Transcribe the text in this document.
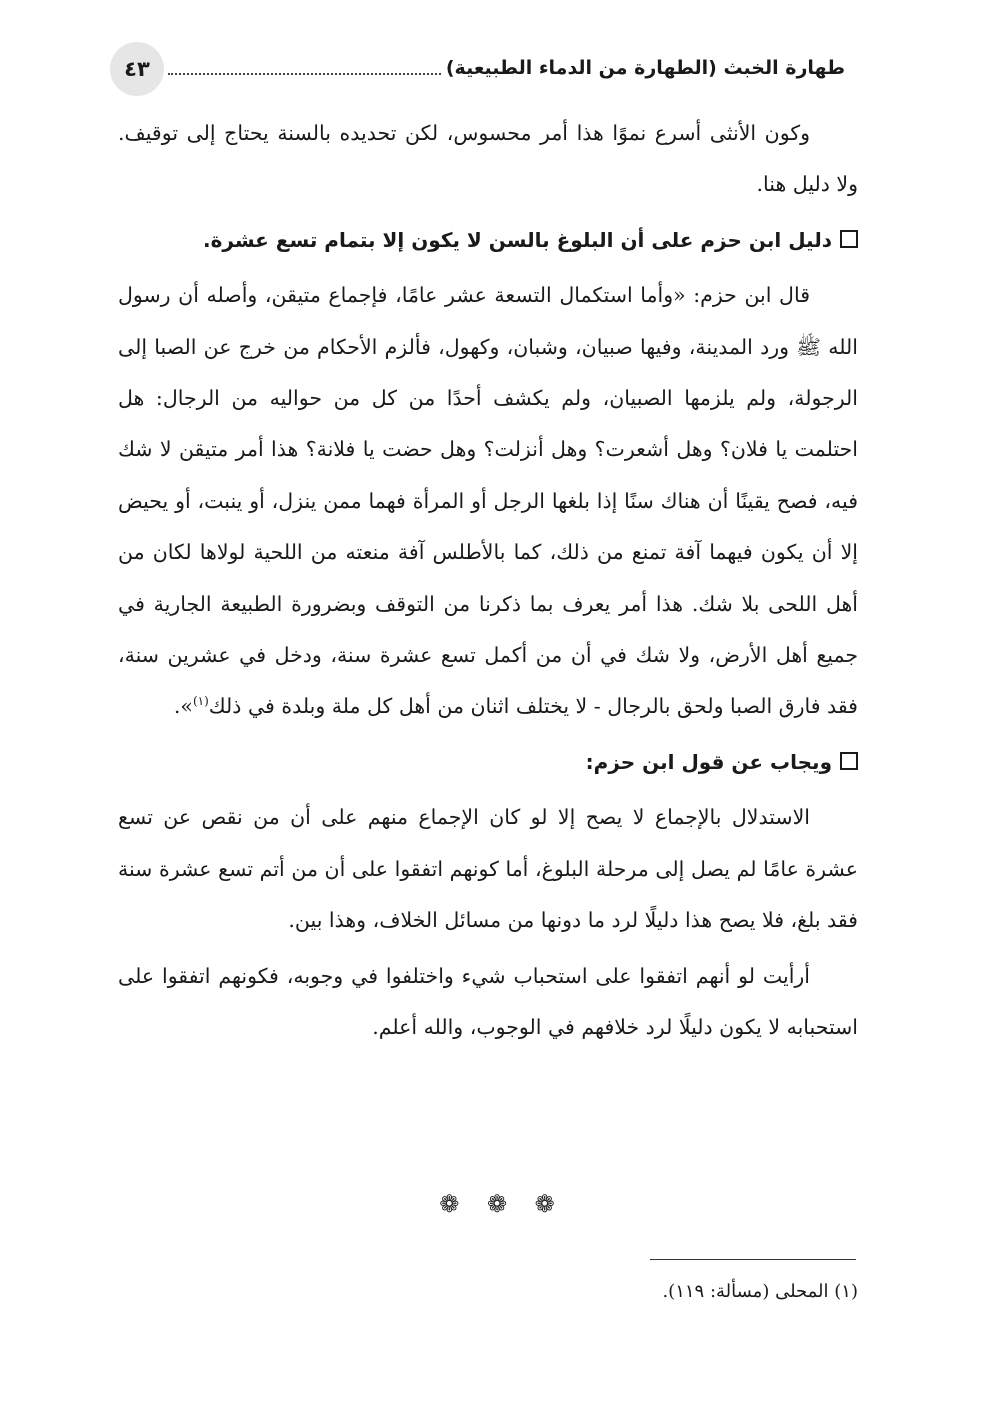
طهارة الخبث (الطهارة من الدماء الطبيعية)
٤٣

وكون الأنثى أسرع نموًا هذا أمر محسوس، لكن تحديده بالسنة يحتاج إلى توقيف. ولا دليل هنا.

دليل ابن حزم على أن البلوغ بالسن لا يكون إلا بتمام تسع عشرة.

قال ابن حزم: «وأما استكمال التسعة عشر عامًا، فإجماع متيقن، وأصله أن رسول الله ﷺ ورد المدينة، وفيها صبيان، وشبان، وكهول، فألزم الأحكام من خرج عن الصبا إلى الرجولة، ولم يلزمها الصبيان، ولم يكشف أحدًا من كل من حواليه من الرجال: هل احتلمت يا فلان؟ وهل أشعرت؟ وهل أنزلت؟ وهل حضت يا فلانة؟ هذا أمر متيقن لا شك فيه، فصح يقينًا أن هناك سنًا إذا بلغها الرجل أو المرأة فهما ممن ينزل، أو ينبت، أو يحيض إلا أن يكون فيهما آفة تمنع من ذلك، كما بالأطلس آفة منعته من اللحية لولاها لكان من أهل اللحى بلا شك. هذا أمر يعرف بما ذكرنا من التوقف وبضرورة الطبيعة الجارية في جميع أهل الأرض، ولا شك في أن من أكمل تسع عشرة سنة، ودخل في عشرين سنة، فقد فارق الصبا ولحق بالرجال - لا يختلف اثنان من أهل كل ملة وبلدة في ذلك$^{(١)}$».

ويجاب عن قول ابن حزم:

الاستدلال بالإجماع لا يصح إلا لو كان الإجماع منهم على أن من نقص عن تسع عشرة عامًا لم يصل إلى مرحلة البلوغ، أما كونهم اتفقوا على أن من أتم تسع عشرة سنة فقد بلغ، فلا يصح هذا دليلًا لرد ما دونها من مسائل الخلاف، وهذا بين.

أرأيت لو أنهم اتفقوا على استحباب شيء واختلفوا في وجوبه، فكونهم اتفقوا على استحبابه لا يكون دليلًا لرد خلافهم في الوجوب، والله أعلم.

❁ ❁ ❁
(١) المحلى (مسألة: ١١٩).
